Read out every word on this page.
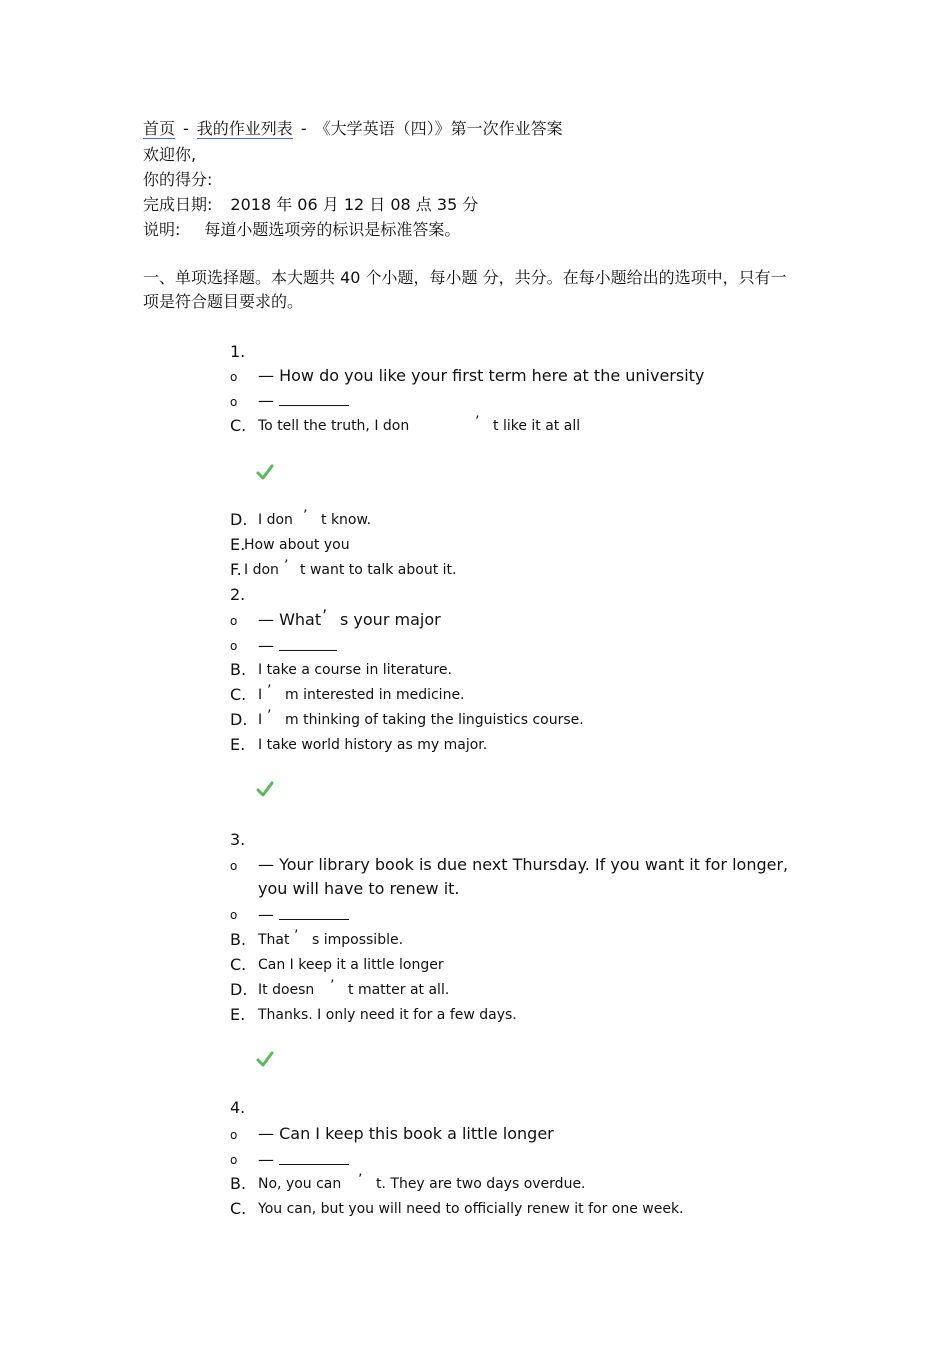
首页 - 我的作业列表 - 《大学英语（四）》第一次作业答案
欢迎你,
你的得分:
完成日期: 2018 年 06 月 12 日 08 点 35 分
说明: 每道小题选项旁的标识是标准答案。
一、单项选择题。本大题共 40 个小题，每小题 分，共分。在每小题给出的选项中，只有一项是符合题目要求的。
1.
o — How do you like your first term here at the university
o —
C. To tell the truth, I don	’ t like it at all
D. I don ’ t know.
E.
How about you
F. I don ’ t want to talk about it.
2.
o — What ’ s your major
o —
B. I take a course in literature.
C. I ’ m interested in medicine.
D. I ’ m thinking of taking the linguistics course.
E. I take world history as my major.
3.
o — Your library book is due next Thursday. If you want it for longer,
you will have to renew it.
o —
B. That ’ s impossible.
C. Can I keep it a little longer
D. It doesn ’ t matter at all.
E. Thanks. I only need it for a few days.
4.
o — Can I keep this book a little longer
o —
B. No, you can ’ t. They are two days overdue.
C. You can, but you will need to officially renew it for one week.
